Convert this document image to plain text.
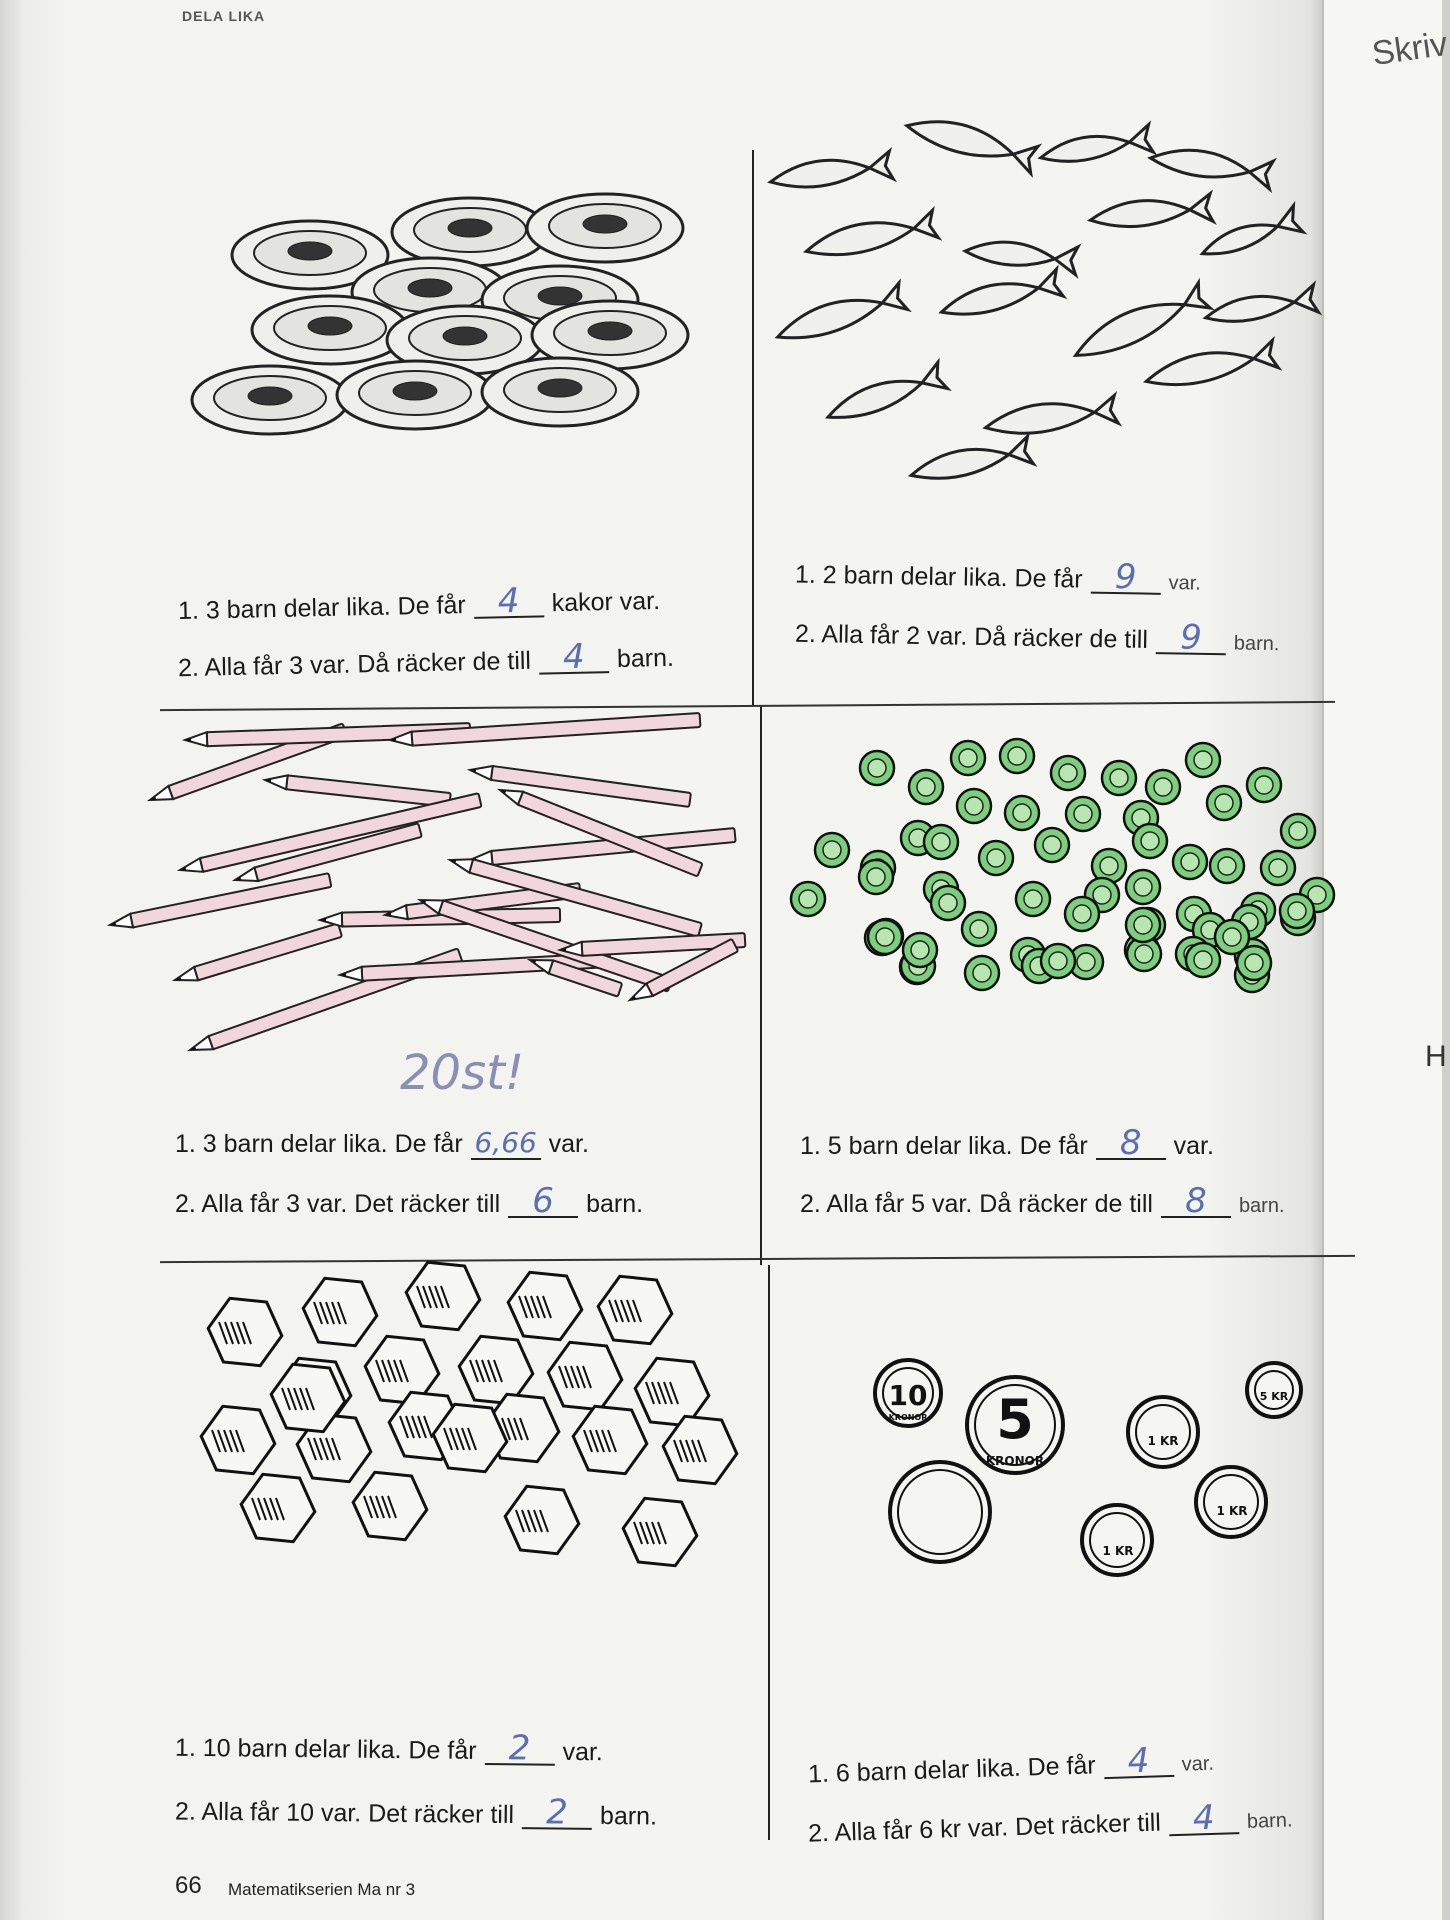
Skriv
H
DELA LIKA
10
KRONOR 5
KRONOR
1 KR
1 KR
1 KR
5 KR
1. 3 barn delar lika. De får 4 kakor var.
2. Alla får 3 var. Då räcker de till 4 barn.
1. 2 barn delar lika. De får 9 var.
2. Alla får 2 var. Då räcker de till 9 barn.
20st!
1. 3 barn delar lika. De får 6,66 var.
2. Alla får 3 var. Det räcker till 6 barn.
1. 5 barn delar lika. De får 8 var.
2. Alla får 5 var. Då räcker de till 8 barn.
1. 10 barn delar lika. De får 2 var.
2. Alla får 10 var. Det räcker till 2 barn.
1. 6 barn delar lika. De får 4 var.
2. Alla får 6 kr var. Det räcker till 4 barn.
66 Matematikserien Ma nr 3
